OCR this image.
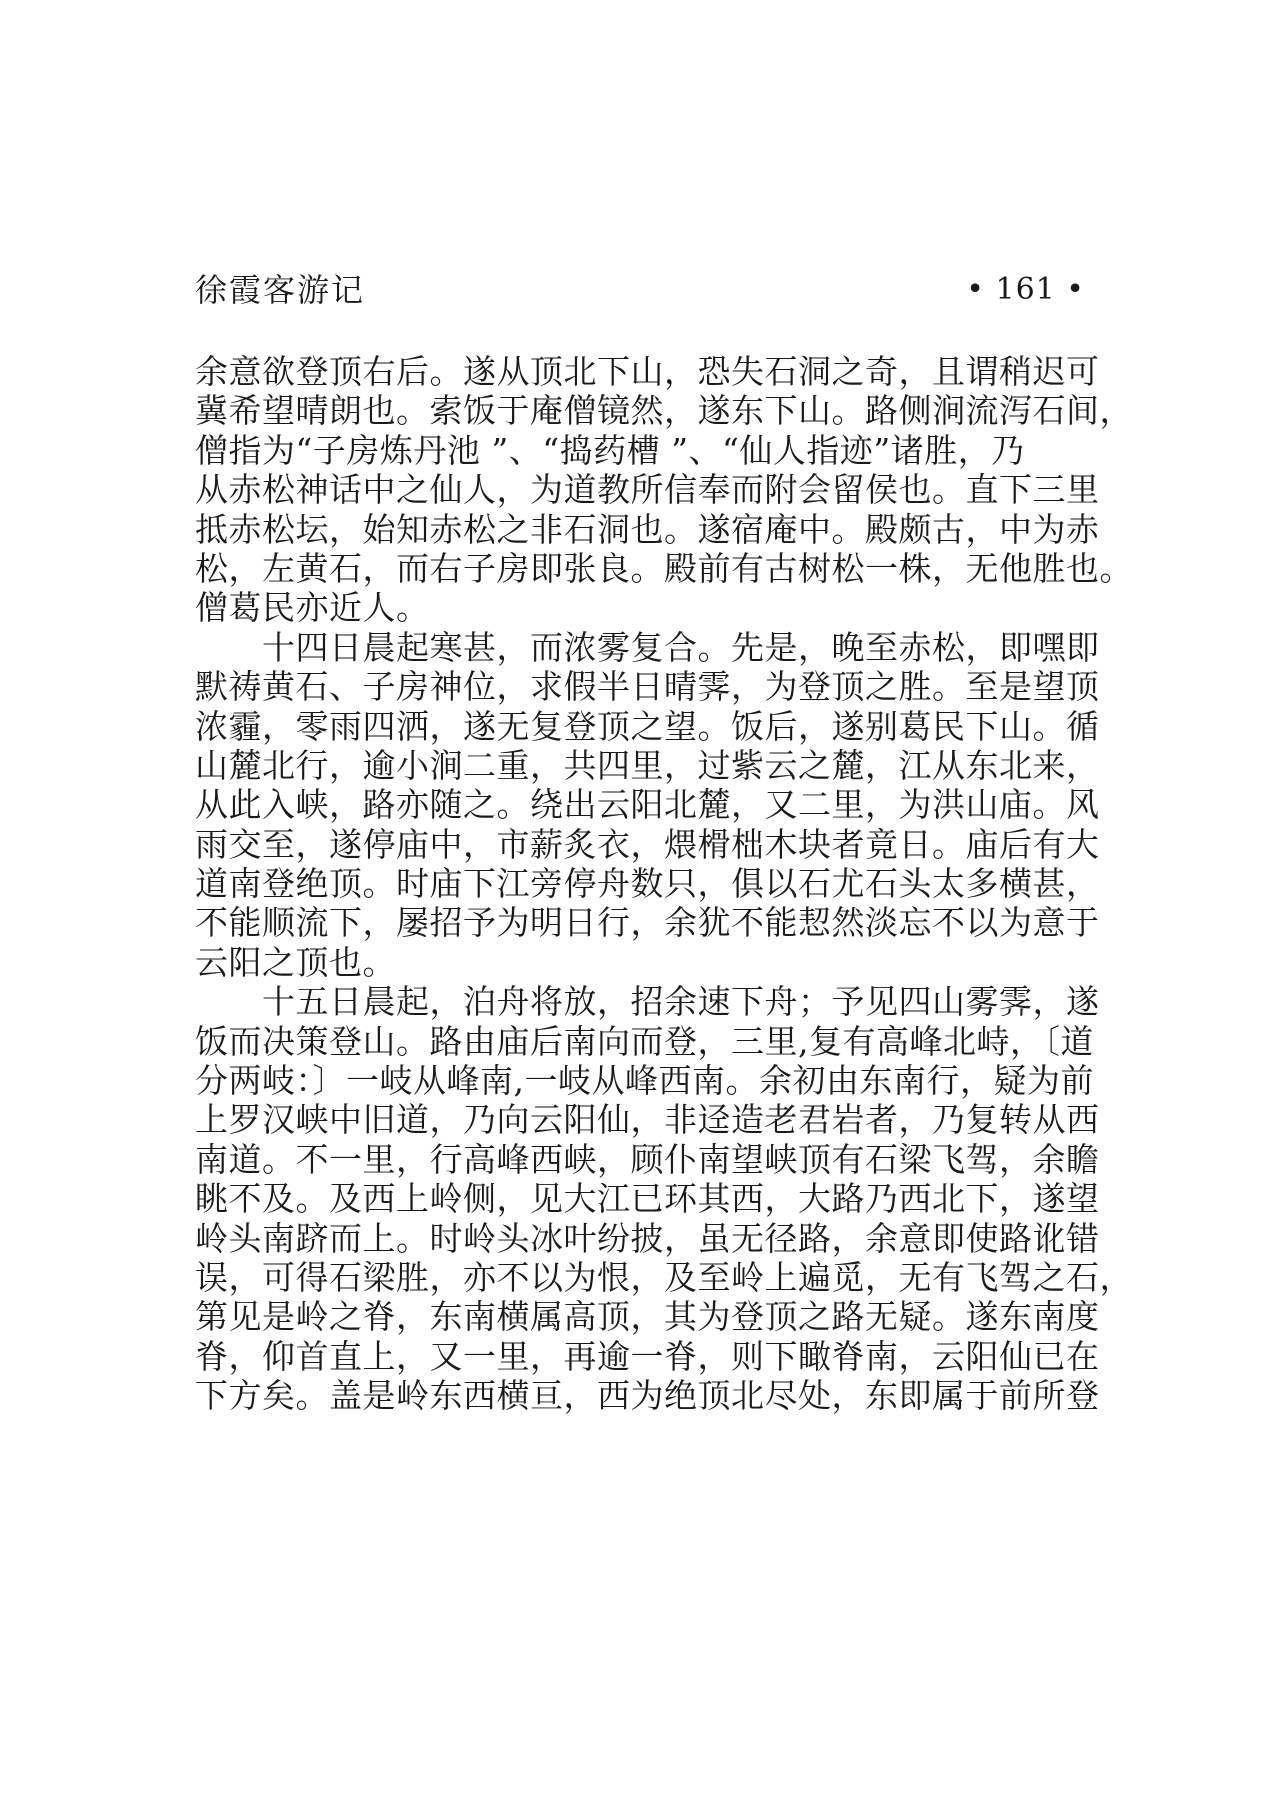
徐霞客游记	• 161 •
余意欲登顶右后。遂从顶北下山，恐失石洞之奇，且谓稍迟可
冀希望晴朗也。索饭于庵僧镜然，遂东下山。路侧涧流泻石间，
僧指为“子房炼丹池 ”、“捣药槽 ”、“仙人指迹”诸胜，乃
从赤松神话中之仙人，为道教所信奉而附会留侯也。直下三里
抵赤松坛，始知赤松之非石洞也。遂宿庵中。殿颇古，中为赤
松，左黄石，而右子房即张良。殿前有古树松一株，无他胜也。
僧葛民亦近人。
　　十四日晨起寒甚，而浓雾复合。先是，晚至赤松，即嘿即
默祷黄石、子房神位，求假半日晴霁，为登顶之胜。至是望顶
浓霾，零雨四洒，遂无复登顶之望。饭后，遂别葛民下山。循
山麓北行，逾小涧二重，共四里，过紫云之麓，江从东北来，
从此入峡，路亦随之。绕出云阳北麓，又二里，为洪山庙。风
雨交至，遂停庙中，市薪炙衣，煨榾柮木块者竟日。庙后有大
道南登绝顶。时庙下江旁停舟数只，俱以石尤石头太多横甚，
不能顺流下，屡招予为明日行，余犹不能恝然淡忘不以为意于
云阳之顶也。
　　十五日晨起，泊舟将放，招余速下舟；予见四山雾霁，遂
饭而决策登山。路由庙后南向而登，三里,复有高峰北峙，〔道
分两岐：〕一岐从峰南,一岐从峰西南。余初由东南行，疑为前
上罗汉峡中旧道，乃向云阳仙，非迳造老君岩者，乃复转从西
南道。不一里，行高峰西峡，顾仆南望峡顶有石梁飞驾，余瞻
眺不及。及西上岭侧，见大江已环其西，大路乃西北下，遂望
岭头南跻而上。时岭头冰叶纷披，虽无径路，余意即使路讹错
误，可得石梁胜，亦不以为恨，及至岭上遍觅，无有飞驾之石，
第见是岭之脊，东南横属高顶，其为登顶之路无疑。遂东南度
脊，仰首直上，又一里，再逾一脊，则下瞰脊南，云阳仙已在
下方矣。盖是岭东西横亘，西为绝顶北尽处，东即属于前所登
